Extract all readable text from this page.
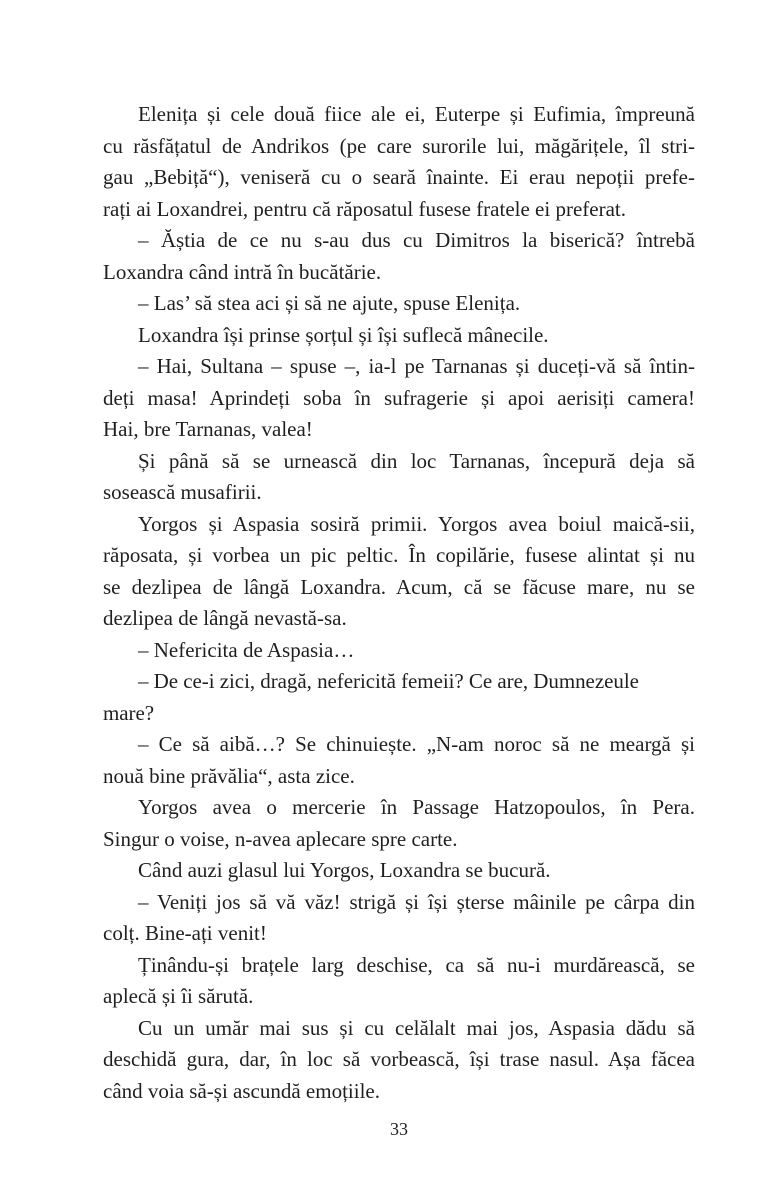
Elenița și cele două fiice ale ei, Euterpe și Eufimia, împreună
cu răsfățatul de Andrikos (pe care surorile lui, măgărițele, îl stri-
gau „Bebiță“), veniseră cu o seară înainte. Ei erau nepoții prefe-
rați ai Loxandrei, pentru că răposatul fusese fratele ei preferat.
– Ăștia de ce nu s-au dus cu Dimitros la biserică? întrebă
Loxandra când intră în bucătărie.
– Las’ să stea aci și să ne ajute, spuse Elenița.
Loxandra își prinse șorțul și își suflecă mânecile.
– Hai, Sultana – spuse –, ia-l pe Tarnanas și duceți-vă să întin-
deți masa! Aprindeți soba în sufragerie și apoi aerisiți camera!
Hai, bre Tarnanas, valea!
Și până să se urnească din loc Tarnanas, începură deja să
sosească musafirii.
Yorgos și Aspasia sosiră primii. Yorgos avea boiul maică-sii,
răposata, și vorbea un pic peltic. În copilărie, fusese alintat și nu
se dezlipea de lângă Loxandra. Acum, că se făcuse mare, nu se
dezlipea de lângă nevastă-sa.
– Nefericita de Aspasia…
– De ce-i zici, dragă, nefericită femeii? Ce are, Dumnezeule mare?
– Ce să aibă…? Se chinuiește. „N-am noroc să ne meargă și
nouă bine prăvălia“, asta zice.
Yorgos avea o mercerie în Passage Hatzopoulos, în Pera.
Singur o voise, n-avea aplecare spre carte.
Când auzi glasul lui Yorgos, Loxandra se bucură.
– Veniți jos să vă văz! strigă și își șterse mâinile pe cârpa din
colț. Bine-ați venit!
Ținându-și brațele larg deschise, ca să nu-i murdărească, se
aplecă și îi sărută.
Cu un umăr mai sus și cu celălalt mai jos, Aspasia dădu să
deschidă gura, dar, în loc să vorbească, își trase nasul. Așa făcea
când voia să-și ascundă emoțiile.
33
